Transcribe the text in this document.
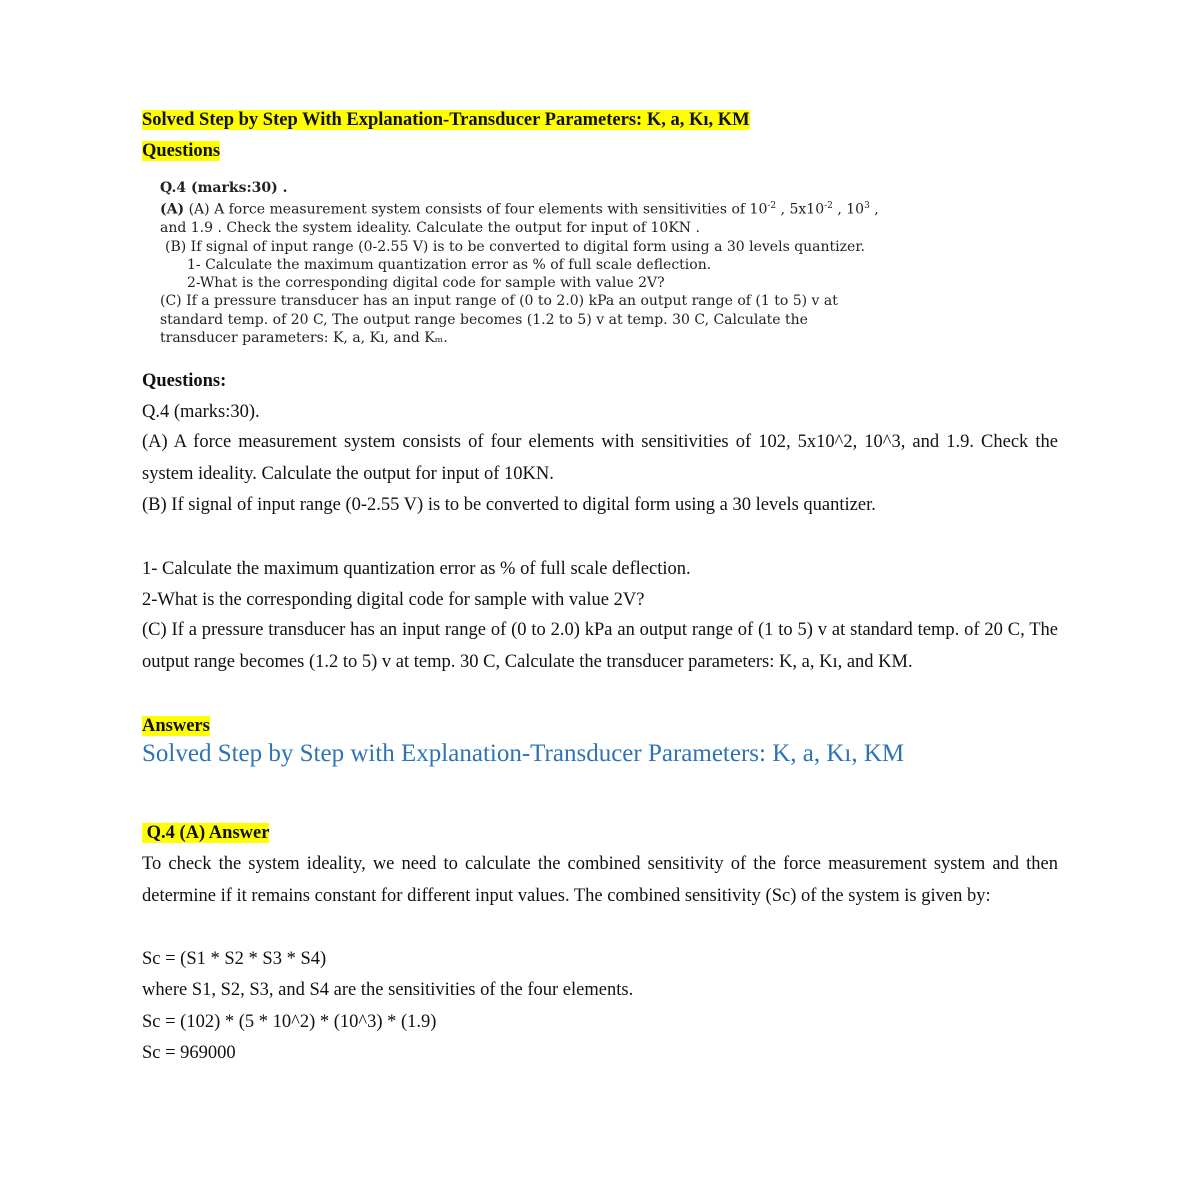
Solved Step by Step With Explanation-Transducer Parameters: K, a, Kı, KM
Questions
Q.4 (marks:30) .
(A) (A) A force measurement system consists of four elements with sensitivities of $10^{-2}$ , $5x10^{-2}$ , $10^3$ ,
and 1.9 . Check the system ideality. Calculate the output for input of 10KN .
(B) If signal of input range (0-2.55 V) is to be converted to digital form using a 30 levels quantizer.
1- Calculate the maximum quantization error as % of full scale deflection.
2-What is the corresponding digital code for sample with value 2V?
(C) If a pressure transducer has an input range of (0 to 2.0) kPa an output range of (1 to 5) v at
standard temp. of 20 C, The output range becomes (1.2 to 5) v at temp. 30 C, Calculate the
transducer parameters: K, a, Kı, and Kₘ.
Questions:
Q.4 (marks:30).
(A) A force measurement system consists of four elements with sensitivities of 102, 5x10^2, 10^3, and 1.9. Check the system ideality. Calculate the output for input of 10KN.
(B) If signal of input range (0-2.55 V) is to be converted to digital form using a 30 levels quantizer.
1- Calculate the maximum quantization error as % of full scale deflection.
2-What is the corresponding digital code for sample with value 2V?
(C) If a pressure transducer has an input range of (0 to 2.0) kPa an output range of (1 to 5) v at standard temp. of 20 C, The output range becomes (1.2 to 5) v at temp. 30 C, Calculate the transducer parameters: K, a, Kı, and KM.
Answers
Solved Step by Step with Explanation-Transducer Parameters: K, a, Kı, KM
Q.4 (A) Answer
To check the system ideality, we need to calculate the combined sensitivity of the force measurement system and then determine if it remains constant for different input values. The combined sensitivity (Sc) of the system is given by:
Sc = (S1 * S2 * S3 * S4)
where S1, S2, S3, and S4 are the sensitivities of the four elements.
Sc = (102) * (5 * 10^2) * (10^3) * (1.9)
Sc = 969000
